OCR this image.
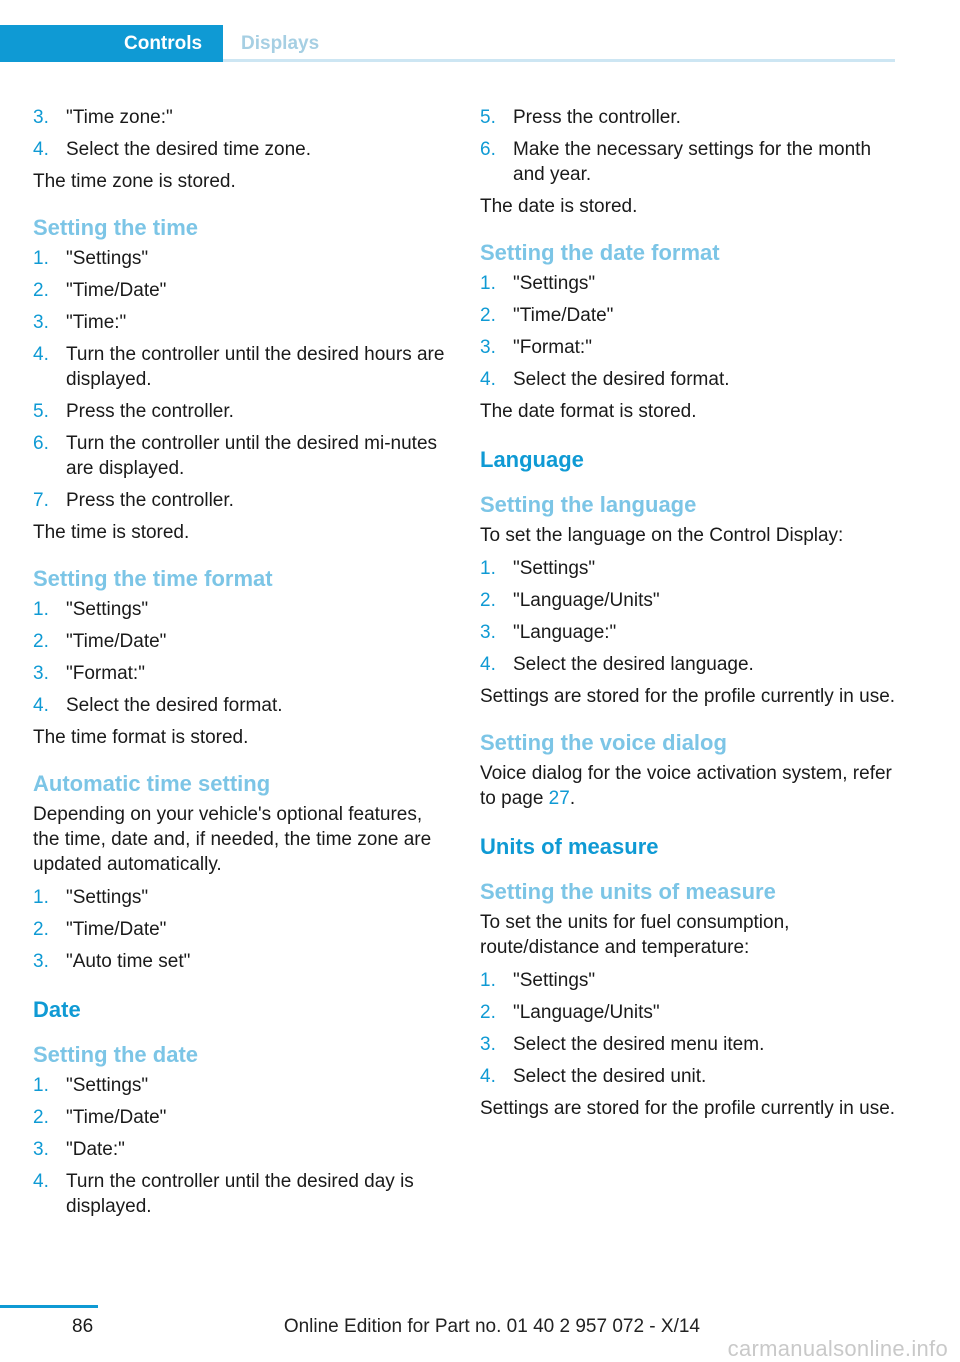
Controls	Displays
3. "Time zone:"
4. Select the desired time zone.
The time zone is stored.
Setting the time
1. "Settings"
2. "Time/Date"
3. "Time:"
4. Turn the controller until the desired hours are displayed.
5. Press the controller.
6. Turn the controller until the desired mi-nutes are displayed.
7. Press the controller.
The time is stored.
Setting the time format
1. "Settings"
2. "Time/Date"
3. "Format:"
4. Select the desired format.
The time format is stored.
Automatic time setting
Depending on your vehicle's optional features, the time, date and, if needed, the time zone are updated automatically.
1. "Settings"
2. "Time/Date"
3. "Auto time set"
Date
Setting the date
1. "Settings"
2. "Time/Date"
3. "Date:"
4. Turn the controller until the desired day is displayed.
5. Press the controller.
6. Make the necessary settings for the month and year.
The date is stored.
Setting the date format
1. "Settings"
2. "Time/Date"
3. "Format:"
4. Select the desired format.
The date format is stored.
Language
Setting the language
To set the language on the Control Display:
1. "Settings"
2. "Language/Units"
3. "Language:"
4. Select the desired language.
Settings are stored for the profile currently in use.
Setting the voice dialog
Voice dialog for the voice activation system, refer to page 27.
Units of measure
Setting the units of measure
To set the units for fuel consumption, route/distance and temperature:
1. "Settings"
2. "Language/Units"
3. Select the desired menu item.
4. Select the desired unit.
Settings are stored for the profile currently in use.
86	Online Edition for Part no. 01 40 2 957 072 - X/14
carmanualsonline.info
